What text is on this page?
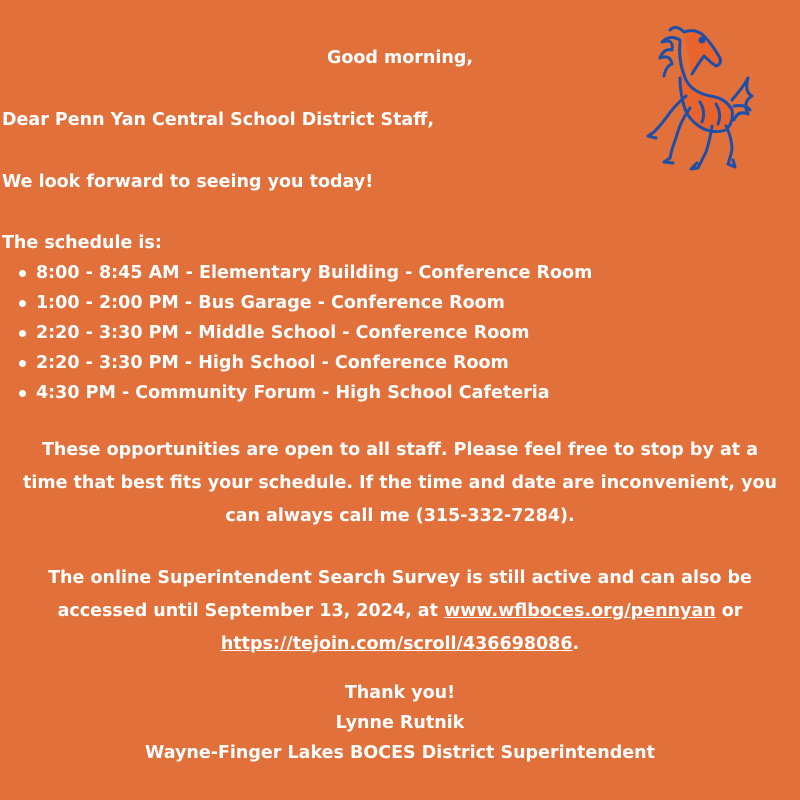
Good morning,
Dear Penn Yan Central School District Staff,
We look forward to seeing you today!
The schedule is:
8:00 - 8:45 AM - Elementary Building - Conference Room
1:00 - 2:00 PM - Bus Garage - Conference Room
2:20 - 3:30 PM - Middle School - Conference Room
2:20 - 3:30 PM - High School - Conference Room
4:30 PM - Community Forum - High School Cafeteria
These opportunities are open to all staff. Please feel free to stop by at a
time that best fits your schedule. If the time and date are inconvenient, you
can always call me (315-332-7284).
The online Superintendent Search Survey is still active and can also be
accessed until September 13, 2024, at www.wflboces.org/pennyan or
https://tejoin.com/scroll/436698086.
Thank you!
Lynne Rutnik
Wayne-Finger Lakes BOCES District Superintendent
